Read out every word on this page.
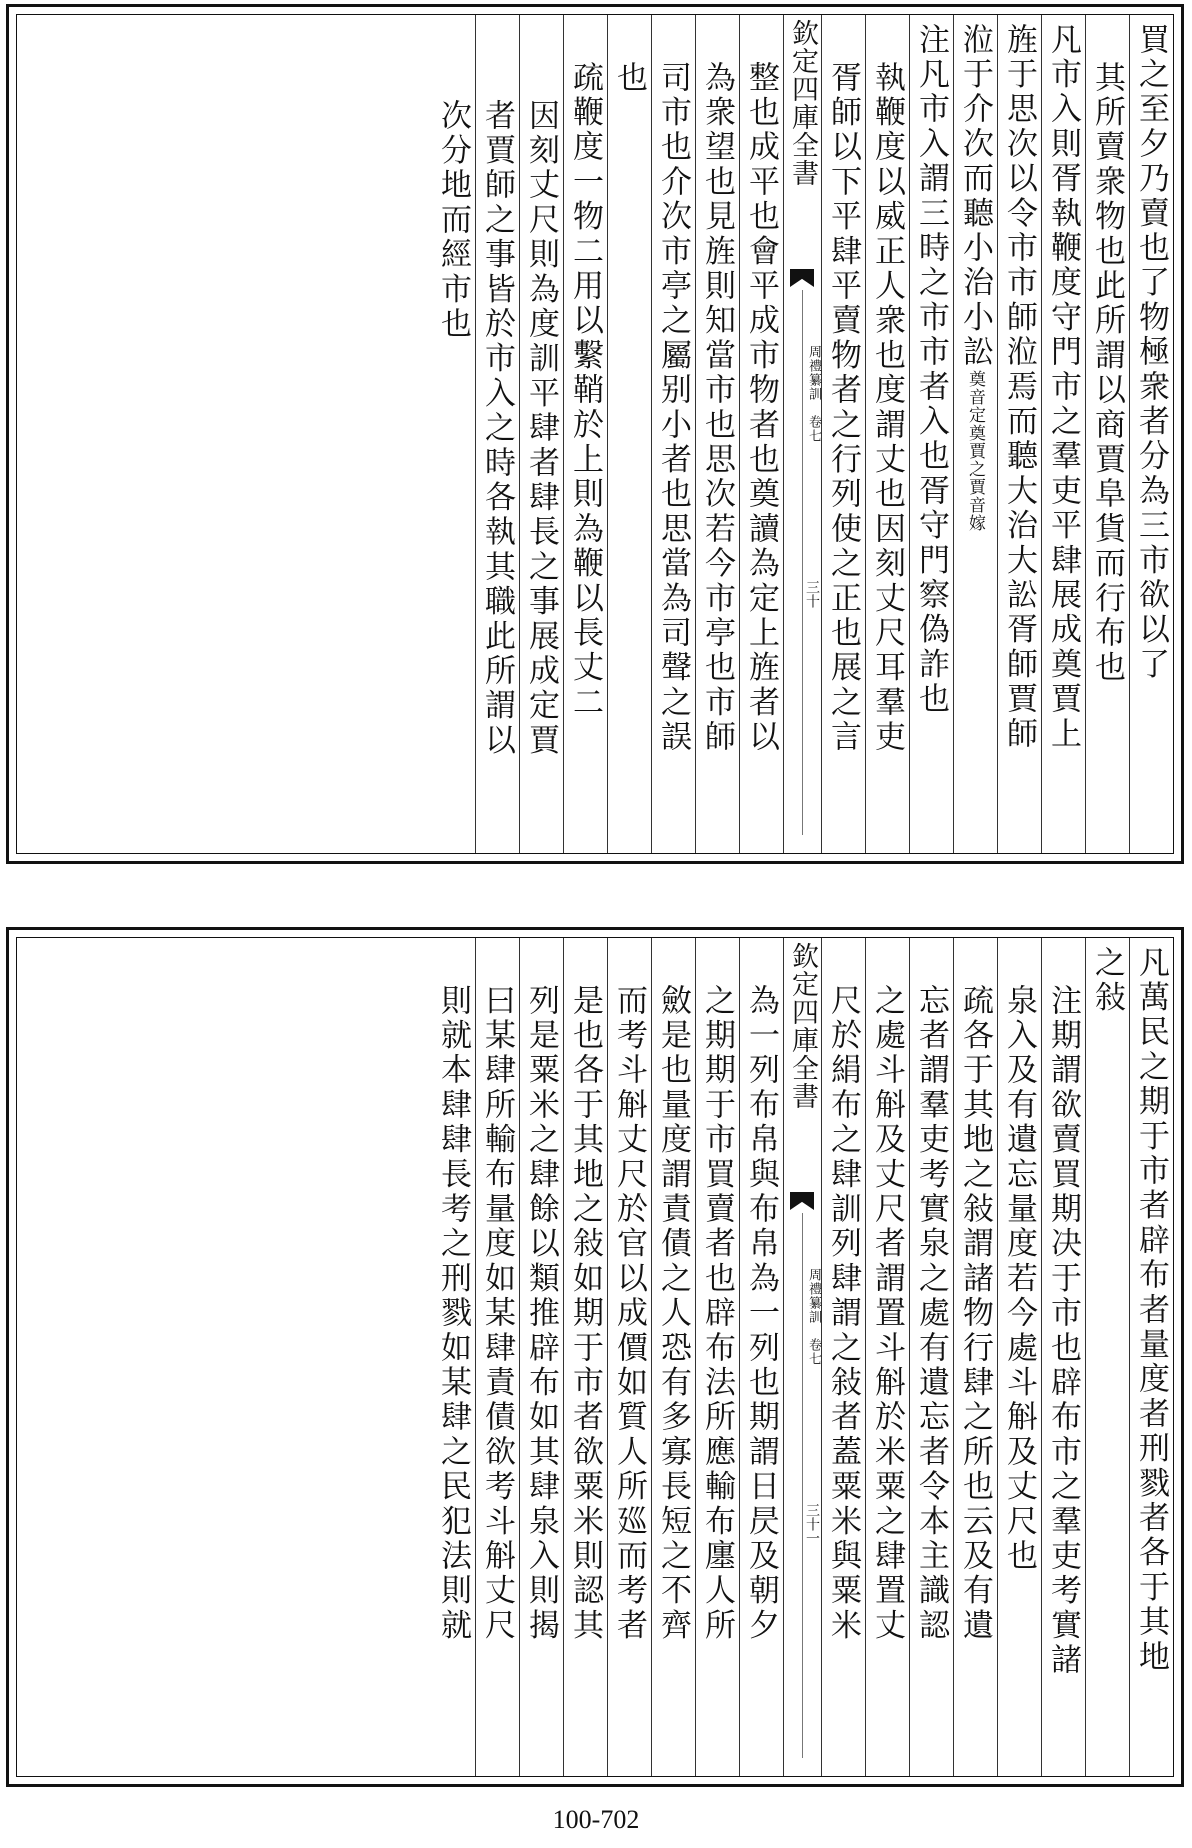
買之至夕乃賣也了物極衆者分為三市欲以了
其所賣衆物也此所謂以商賈阜貨而行布也
凡市入則胥執鞭度守門市之羣吏平肆展成奠賈上
旌于思次以令市市師涖焉而聽大治大訟胥師賈師
涖于介次而聽小治小訟奠音定奠賈之賈音嫁
注凡市入謂三時之市市者入也胥守門察偽詐也
執鞭度以威正人衆也度謂丈也因刻丈尺耳羣吏
胥師以下平肆平賣物者之行列使之正也展之言
欽定四庫全書
周禮纂訓　卷七
三十
整也成平也會平成市物者也奠讀為定上旌者以
為衆望也見旌則知當市也思次若今市亭也市師
司市也介次市亭之屬别小者也思當為司聲之誤
也
疏鞭度一物二用以繫鞘於上則為鞭以長丈二
因刻丈尺則為度訓平肆者肆長之事展成定賈
者賈師之事皆於市入之時各執其職此所謂以
次分地而經市也
凡萬民之期于市者辟布者量度者刑戮者各于其地
之敍
注期謂欲賣買期决于市也辟布市之羣吏考實諸
泉入及有遺忘量度若今處斗斛及丈尺也
疏各于其地之敍謂諸物行肆之所也云及有遺
忘者謂羣吏考實泉之處有遺忘者令本主識認
之處斗斛及丈尺者謂置斗斛於米粟之肆置丈
尺於絹布之肆訓列肆謂之敍者蓋粟米與粟米
欽定四庫全書
周禮纂訓　卷七
三十一
為一列布帛與布帛為一列也期謂日昃及朝夕
之期期于市買賣者也辟布法所應輸布廛人所
斂是也量度謂責債之人恐有多寡長短之不齊
而考斗斛丈尺於官以成價如質人所廵而考者
是也各于其地之敍如期于市者欲粟米則認其
列是粟米之肆餘以類推辟布如其肆泉入則揭
曰某肆所輸布量度如某肆責債欲考斗斛丈尺
則就本肆肆長考之刑戮如某肆之民犯法則就
100-702
